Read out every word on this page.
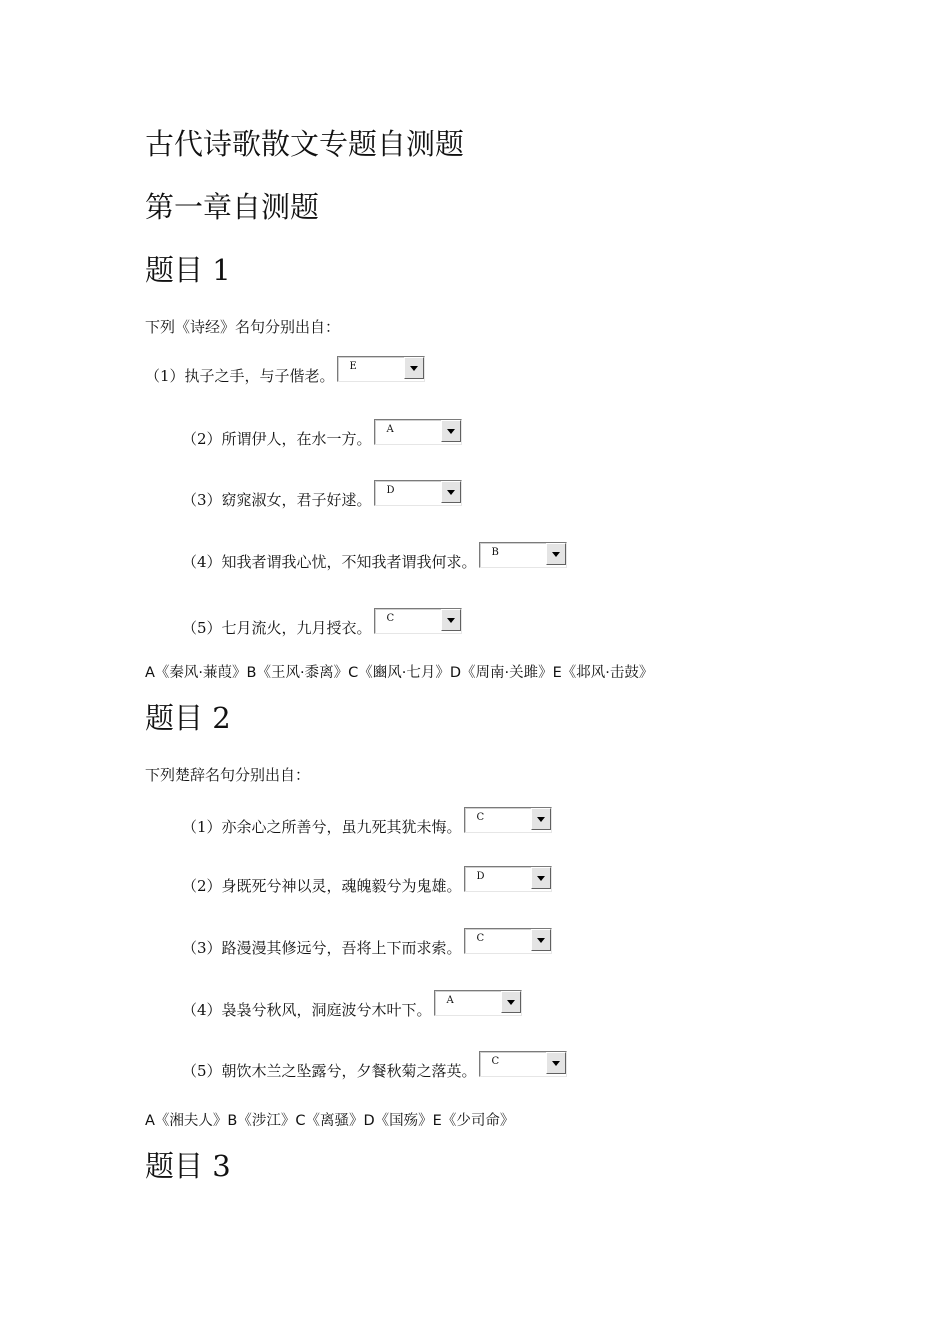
古代诗歌散文专题自测题
第一章自测题
题目 1
下列《诗经》名句分别出自：
（1）执子之手，与子偕老。
E
（2）所谓伊人，在水一方。
A
（3）窈窕淑女，君子好逑。
D
（4）知我者谓我心忧，不知我者谓我何求。
B
（5）七月流火，九月授衣。
C
A《秦风·蒹葭》B《王风·黍离》C《豳风·七月》D《周南·关雎》E《邶风·击鼓》
题目 2
下列楚辞名句分别出自：
（1）亦余心之所善兮，虽九死其犹未悔。
C
（2）身既死兮神以灵，魂魄毅兮为鬼雄。
D
（3）路漫漫其修远兮，吾将上下而求索。
C
（4）袅袅兮秋风，洞庭波兮木叶下。
A
（5）朝饮木兰之坠露兮，夕餐秋菊之落英。
C
A《湘夫人》B《涉江》C《离骚》D《国殇》E《少司命》
题目 3
